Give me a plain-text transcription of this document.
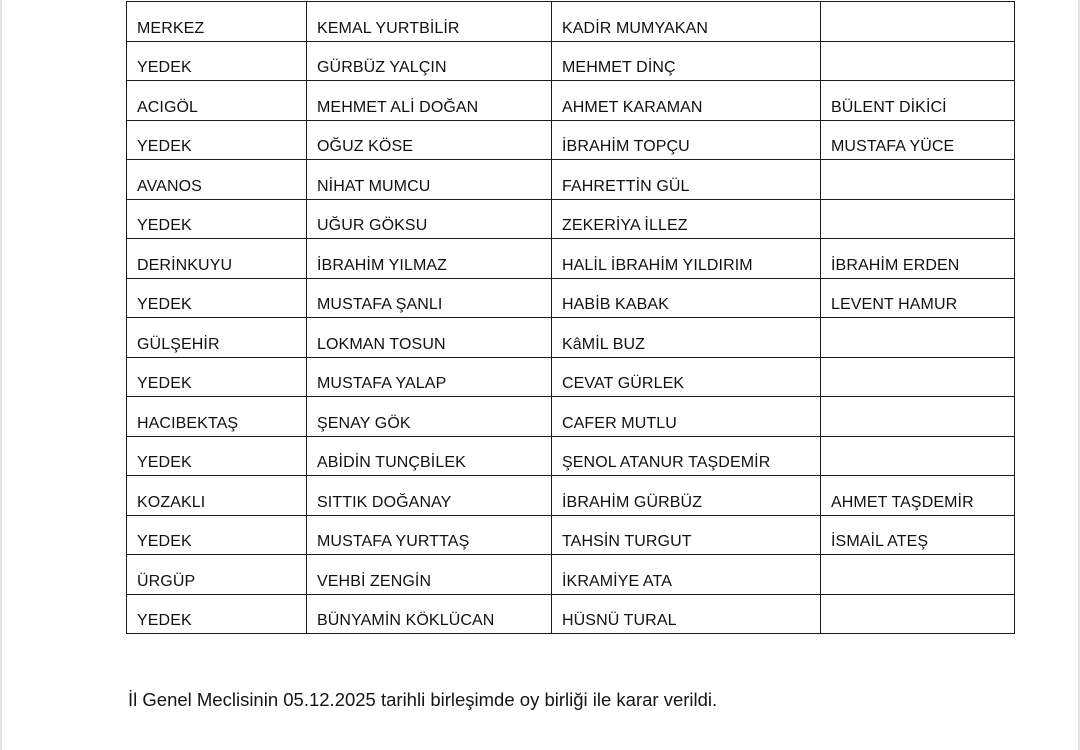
MERKEZ	KEMAL YURTBİLİR	KADİR MUMYAKAN	
YEDEK	GÜRBÜZ YALÇIN	MEHMET DİNÇ	
ACIGÖL	MEHMET ALİ DOĞAN	AHMET KARAMAN	BÜLENT DİKİCİ
YEDEK	OĞUZ KÖSE	İBRAHİM TOPÇU	MUSTAFA YÜCE
AVANOS	NİHAT MUMCU	FAHRETTİN GÜL	
YEDEK	UĞUR GÖKSU	ZEKERİYA İLLEZ	
DERİNKUYU	İBRAHİM YILMAZ	HALİL İBRAHİM YILDIRIM	İBRAHİM ERDEN
YEDEK	MUSTAFA ŞANLI	HABİB KABAK	LEVENT HAMUR
GÜLŞEHİR	LOKMAN TOSUN	KâMİL BUZ	
YEDEK	MUSTAFA YALAP	CEVAT GÜRLEK	
HACIBEKTAŞ	ŞENAY GÖK	CAFER MUTLU	
YEDEK	ABİDİN TUNÇBİLEK	ŞENOL ATANUR TAŞDEMİR	
KOZAKLI	SITTIK DOĞANAY	İBRAHİM GÜRBÜZ	AHMET TAŞDEMİR
YEDEK	MUSTAFA YURTTAŞ	TAHSİN TURGUT	İSMAİL ATEŞ
ÜRGÜP	VEHBİ ZENGİN	İKRAMİYE ATA	
YEDEK	BÜNYAMİN KÖKLÜCAN	HÜSNÜ TURAL	
İl Genel Meclisinin 05.12.2025 tarihli birleşimde oy birliği ile karar verildi.
